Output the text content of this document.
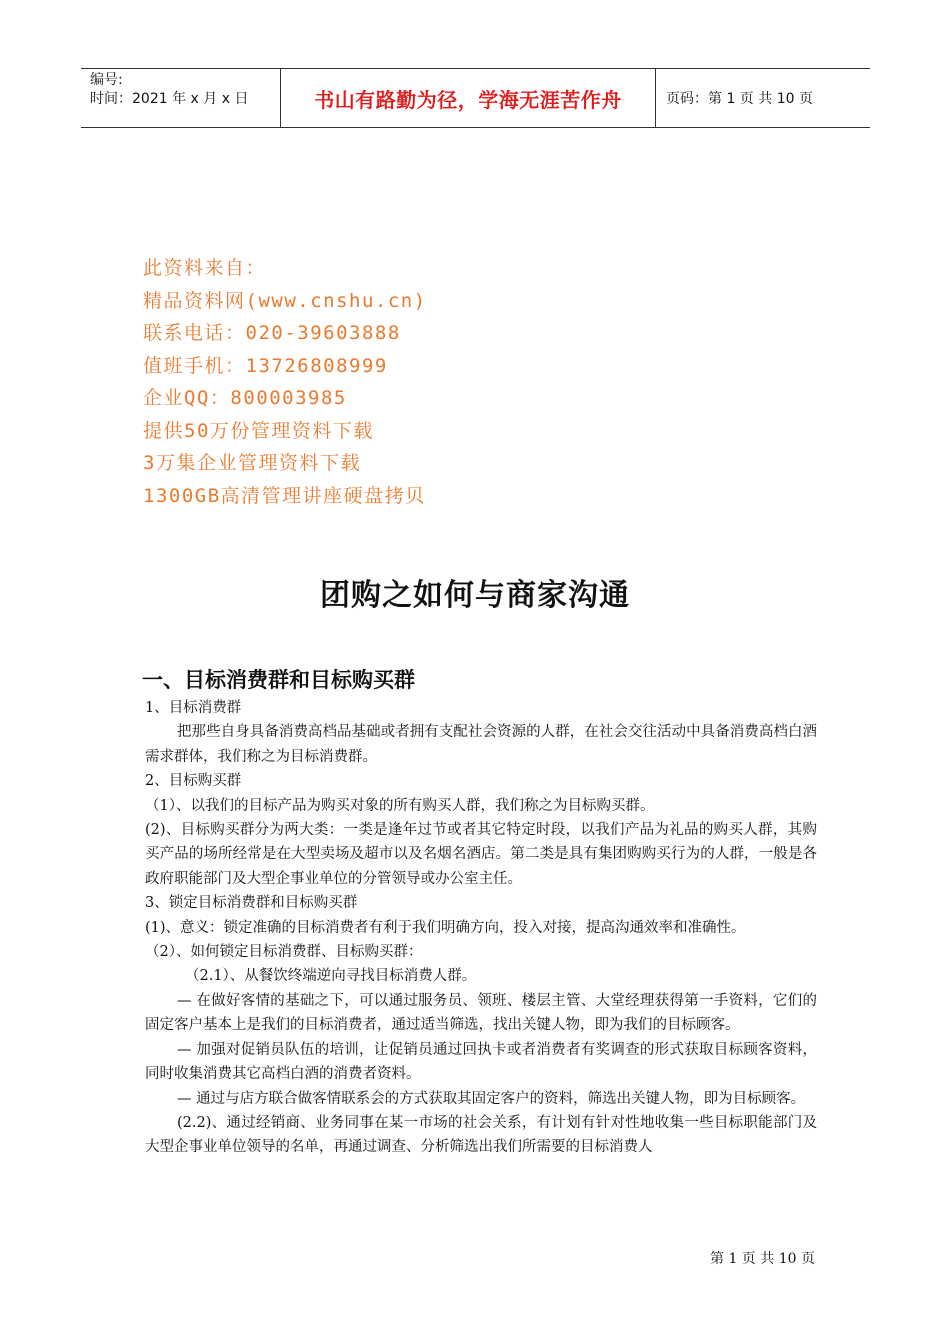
编号:
时间：2021 年 x 月 x 日	书山有路勤为径，学海无涯苦作舟	页码：第 1 页 共 10 页
此资料来自：
精品资料网(www.cnshu.cn)
联系电话：020-39603888
值班手机：13726808999
企业QQ：800003985
提供50万份管理资料下载
3万集企业管理资料下载
1300GB高清管理讲座硬盘拷贝
团购之如何与商家沟通
一、目标消费群和目标购买群
1、目标消费群
把那些自身具备消费高档品基础或者拥有支配社会资源的人群，在社会交往活动中具备消费高档白酒需求群体，我们称之为目标消费群。
2、目标购买群
（1）、以我们的目标产品为购买对象的所有购买人群，我们称之为目标购买群。
(2)、目标购买群分为两大类：一类是逢年过节或者其它特定时段，以我们产品为礼品的购买人群，其购买产品的场所经常是在大型卖场及超市以及名烟名酒店。第二类是具有集团购购买行为的人群，一般是各政府职能部门及大型企事业单位的分管领导或办公室主任。
3、锁定目标消费群和目标购买群
(1)、意义：锁定准确的目标消费者有利于我们明确方向，投入对接，提高沟通效率和准确性。
（2）、如何锁定目标消费群、目标购买群：
（2.1）、从餐饮终端逆向寻找目标消费人群。
— 在做好客情的基础之下，可以通过服务员、领班、楼层主管、大堂经理获得第一手资料，它们的固定客户基本上是我们的目标消费者，通过适当筛选，找出关键人物，即为我们的目标顾客。
— 加强对促销员队伍的培训，让促销员通过回执卡或者消费者有奖调查的形式获取目标顾客资料，同时收集消费其它高档白酒的消费者资料。
— 通过与店方联合做客情联系会的方式获取其固定客户的资料，筛选出关键人物，即为目标顾客。
(2.2)、通过经销商、业务同事在某一市场的社会关系，有计划有针对性地收集一些目标职能部门及大型企事业单位领导的名单，再通过调查、分析筛选出我们所需要的目标消费人
第 1 页 共 10 页
